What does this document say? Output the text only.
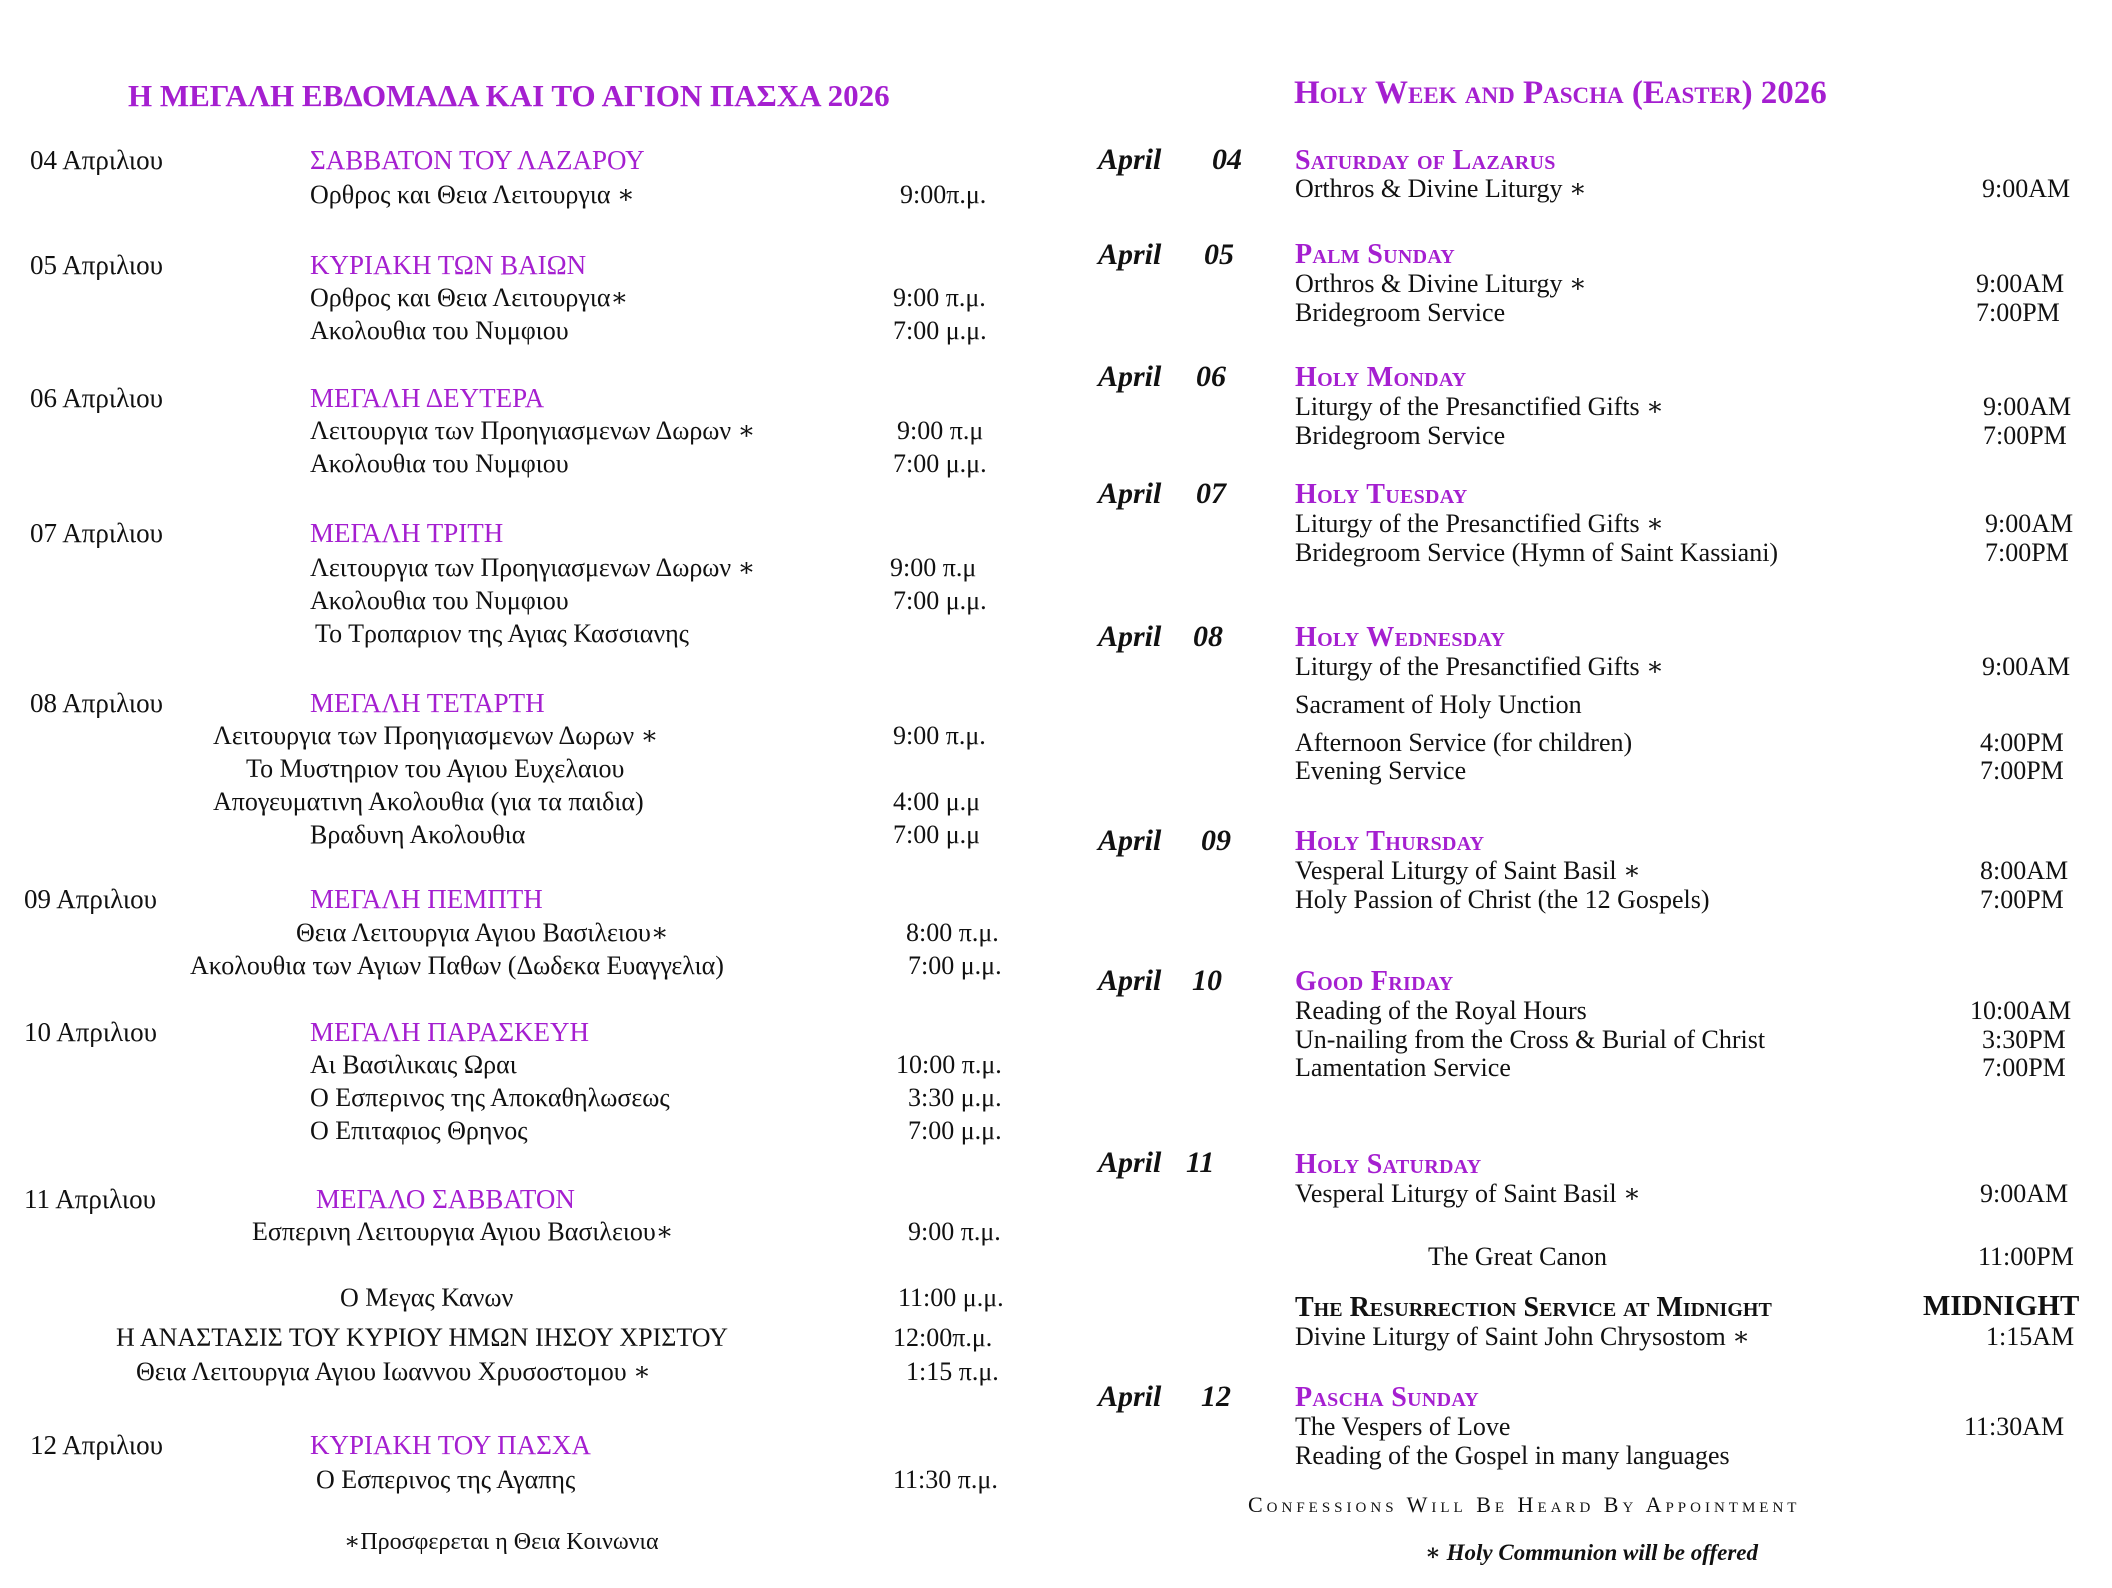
Η ΜΕΓΑΛΗ ΕΒΔΟΜΑΔΑ ΚΑΙ ΤΟ ΑΓΙΟΝ ΠΑΣΧΑ 2026
04 Απριλιου	ΣΑΒΒΑΤΟΝ ΤΟΥ ΛΑΖΑΡΟΥ
Ορθρος και Θεια Λειτουργια ∗	9:00π.μ.
05 Απριλιου	ΚΥΡΙΑΚΗ ΤΩΝ ΒΑΙΩΝ
Ορθρος και Θεια Λειτουργια∗	9:00 π.μ.
Ακολουθια του Νυμφιου	7:00 μ.μ.
06 Απριλιου	ΜΕΓΑΛΗ ΔΕΥΤΕΡΑ
Λειτουργια των Προηγιασμενων Δωρων ∗	9:00 π.μ
Ακολουθια του Νυμφιου	7:00 μ.μ.
07 Απριλιου	ΜΕΓΑΛΗ ΤΡΙΤΗ
Λειτουργια των Προηγιασμενων Δωρων ∗	9:00 π.μ
Ακολουθια του Νυμφιου	7:00 μ.μ.
Το Τροπαριον της Αγιας Κασσιανης
08 Απριλιου	ΜΕΓΑΛΗ ΤΕΤΑΡΤΗ
Λειτουργια των Προηγιασμενων Δωρων ∗	9:00 π.μ.
Το Μυστηριον του Αγιου Ευχελαιου
Απογευματινη Ακολουθια (για τα παιδια)	4:00 μ.μ
Βραδυνη Ακολουθια	7:00 μ.μ
09 Απριλιου	ΜΕΓΑΛΗ ΠΕΜΠΤΗ
Θεια Λειτουργια Αγιου Βασιλειου∗	8:00 π.μ.
Ακολουθια των Αγιων Παθων (Δωδεκα Ευαγγελια)	7:00 μ.μ.
10 Απριλιου	ΜΕΓΑΛΗ ΠΑΡΑΣΚΕΥΗ
Αι Βασιλικαις Ωραι	10:00 π.μ.
Ο Εσπερινος της Αποκαθηλωσεως	3:30 μ.μ.
Ο Επιταφιος Θρηνος	7:00 μ.μ.
11 Απριλιου	ΜΕΓΑΛΟ ΣΑΒΒΑΤΟΝ
Εσπερινη Λειτουργια Αγιου Βασιλειου∗	9:00 π.μ.
Ο Μεγας Κανων	11:00 μ.μ.
Η ΑΝΑΣΤΑΣΙΣ ΤΟΥ ΚΥΡΙΟΥ ΗΜΩΝ ΙΗΣΟΥ ΧΡΙΣΤΟΥ	12:00π.μ.
Θεια Λειτουργια Αγιου Ιωαννου Χρυσοστομου ∗	1:15 π.μ.
12 Απριλιου	ΚΥΡΙΑΚΗ ΤΟΥ ΠΑΣΧΑ
Ο Εσπερινος της Αγαπης	11:30 π.μ.
∗Προσφερεται η Θεια Κοινωνια
Holy Week and Pascha (Easter) 2026
April 04 Saturday of Lazarus
Orthros & Divine Liturgy ∗	9:00AM
April 05 Palm Sunday
Orthros & Divine Liturgy ∗	9:00AM
Bridegroom Service	7:00PM
April 06 Holy Monday
Liturgy of the Presanctified Gifts ∗	9:00AM
Bridegroom Service	7:00PM
April 07 Holy Tuesday
Liturgy of the Presanctified Gifts ∗	9:00AM
Bridegroom Service (Hymn of Saint Kassiani)	7:00PM
April 08	Holy Wednesday
Liturgy of the Presanctified Gifts ∗	9:00AM
Sacrament of Holy Unction
Afternoon Service (for children)	4:00PM
Evening Service	7:00PM
April 09 Holy Thursday
Vesperal Liturgy of Saint Basil ∗	8:00AM
Holy Passion of Christ (the 12 Gospels)	7:00PM
April 10	Good Friday
Reading of the Royal Hours	10:00AM
Un-nailing from the Cross & Burial of Christ	3:30PM
Lamentation Service	7:00PM
April 11	Holy Saturday
Vesperal Liturgy of Saint Basil ∗	9:00AM
The Great Canon	11:00PM
The Resurrection Service at Midnight	MIDNIGHT
Divine Liturgy of Saint John Chrysostom ∗	1:15AM
April 12 Pascha Sunday
The Vespers of Love	11:30AM
Reading of the Gospel in many languages
Confessions Will Be Heard By Appointment
∗ Holy Communion will be offered
